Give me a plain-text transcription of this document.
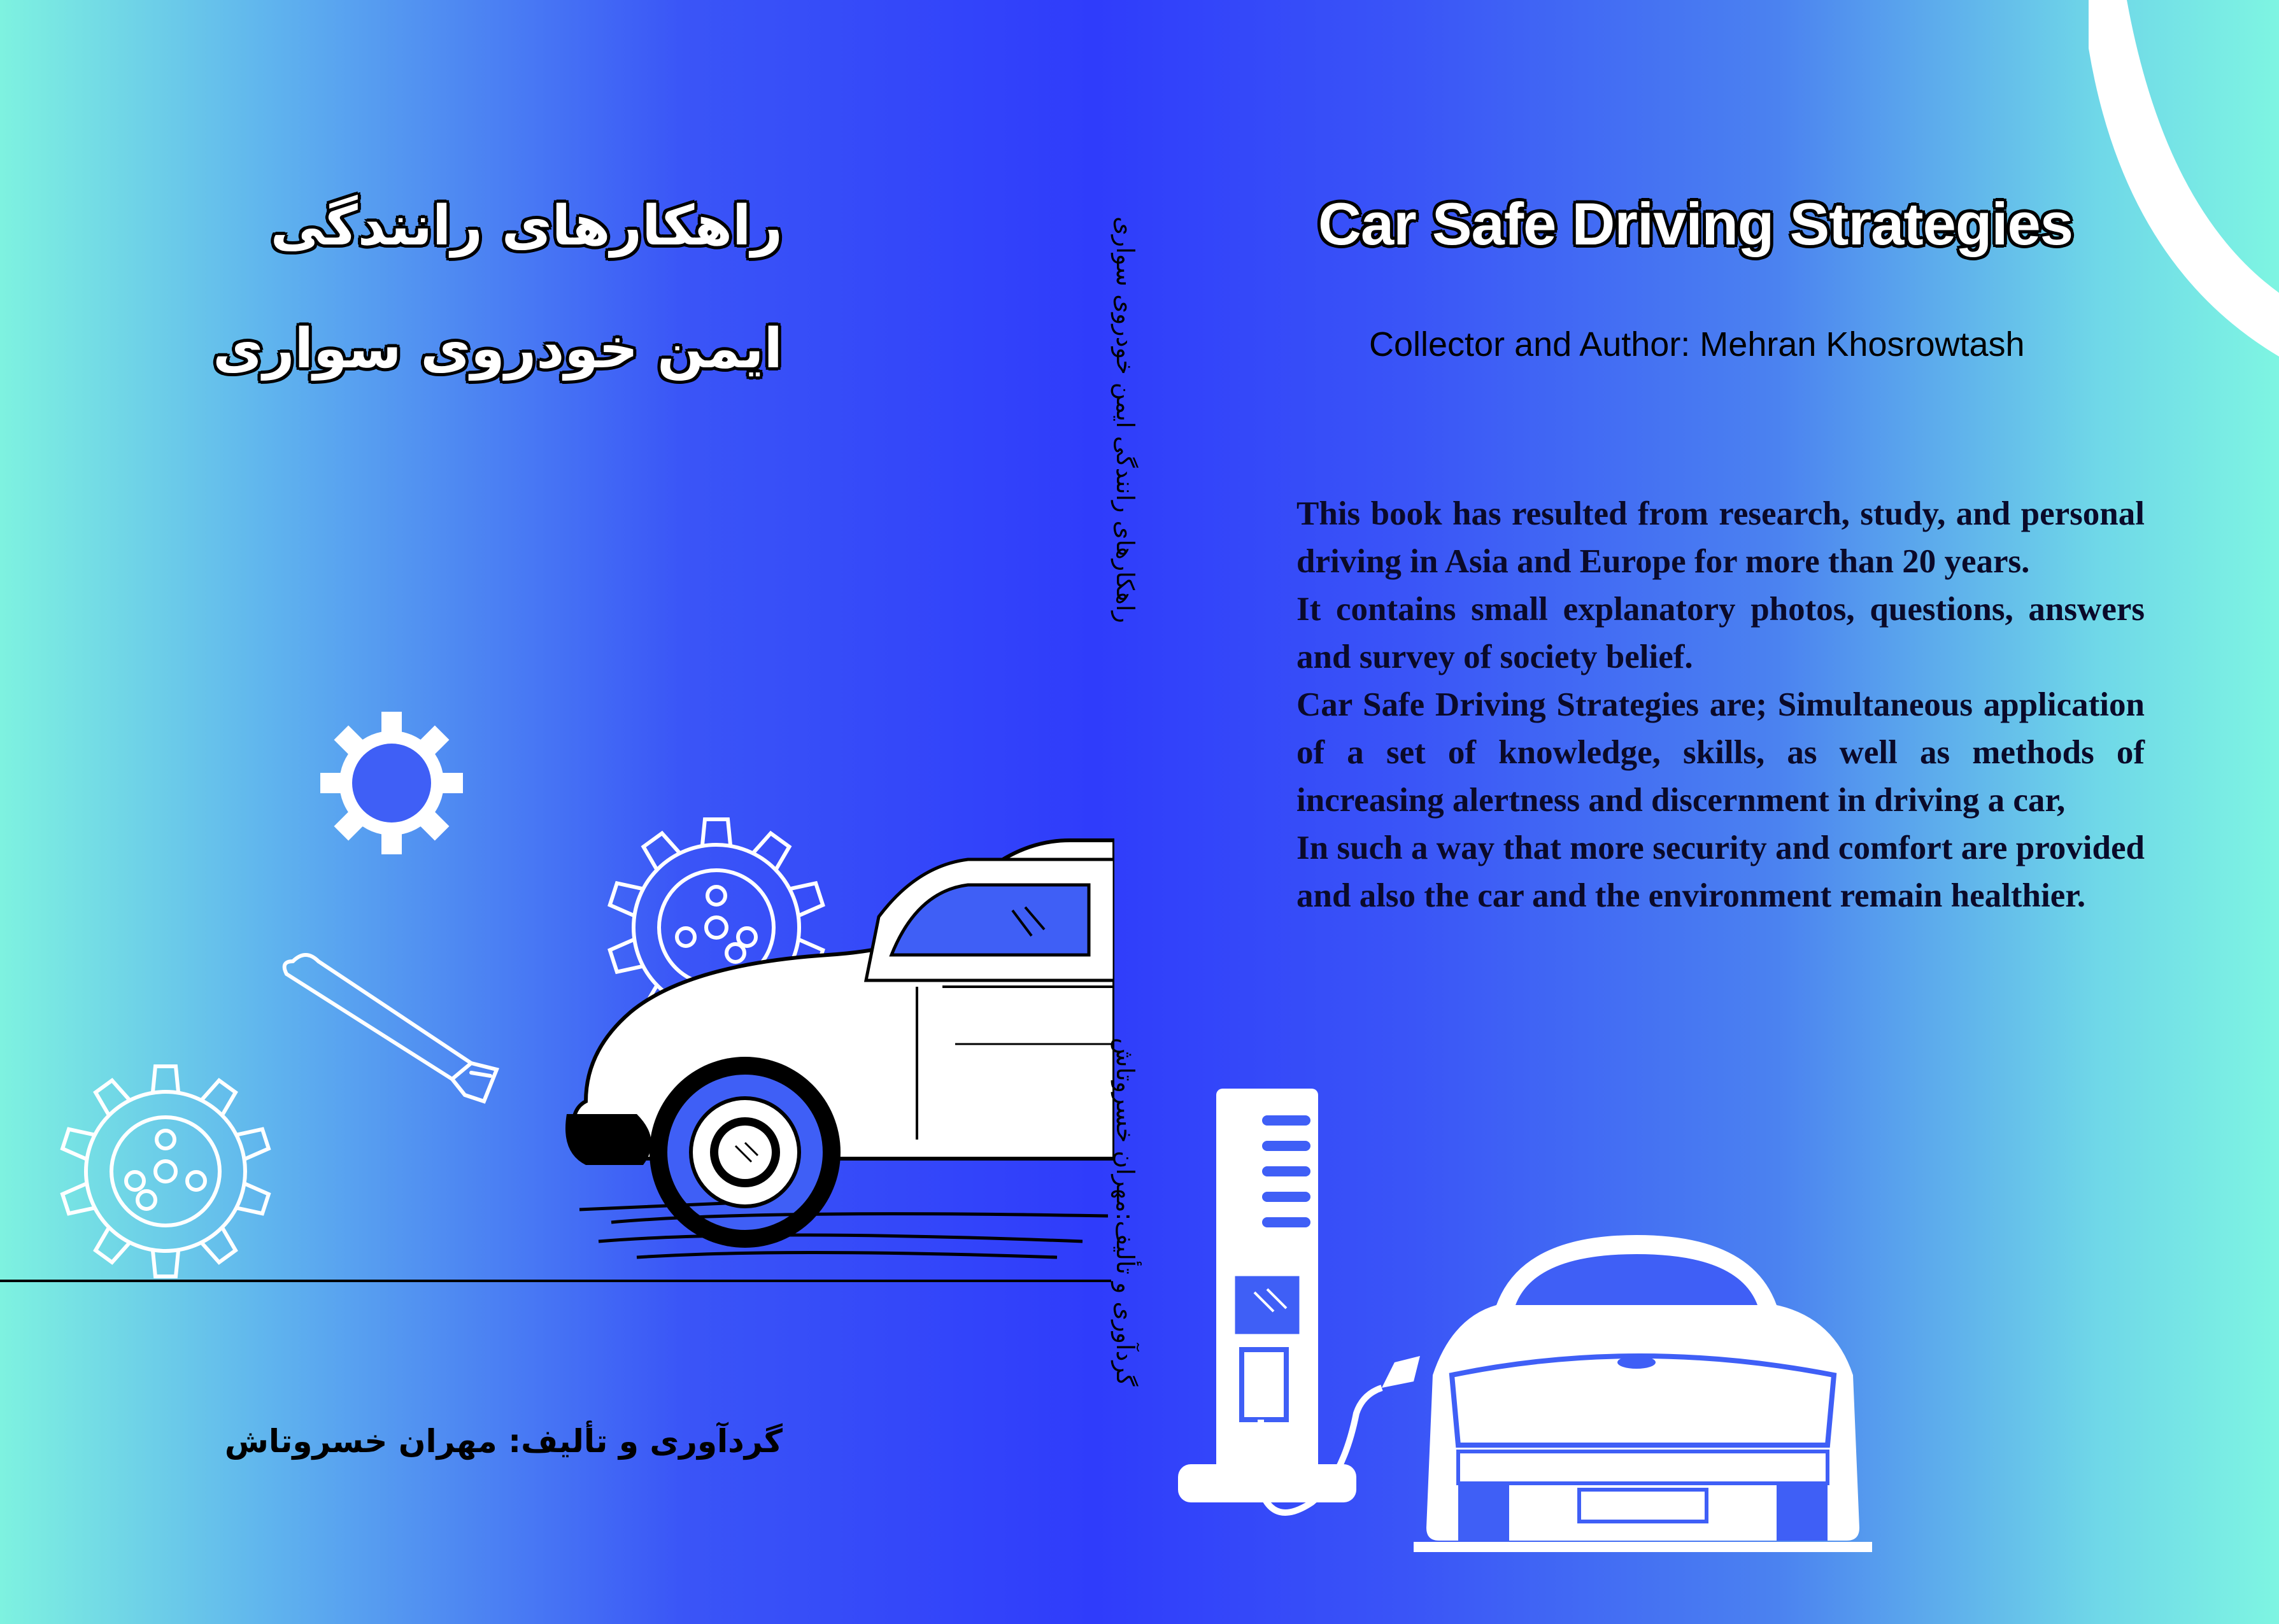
راهکارهای رانندگی
ایمن خودروی سواری
گردآوری و تألیف: مهران خسروتاش
راهکارهای رانندگی ایمن خودروی سواری
گردآوری و تألیف:مهران خسروتاش
Car Safe Driving Strategies
Collector and Author: Mehran Khosrowtash

This book has resulted from research, study, and personal driving in Asia and Europe for more than 20 years.

It contains small explanatory photos, questions, answers and survey of society belief.

Car Safe Driving Strategies are; Simultaneous application of a set of knowledge, skills, as well as methods of increasing alertness and discernment in driving a car,

In such a way that more security and comfort are provided and also the car and the environment remain healthier.
